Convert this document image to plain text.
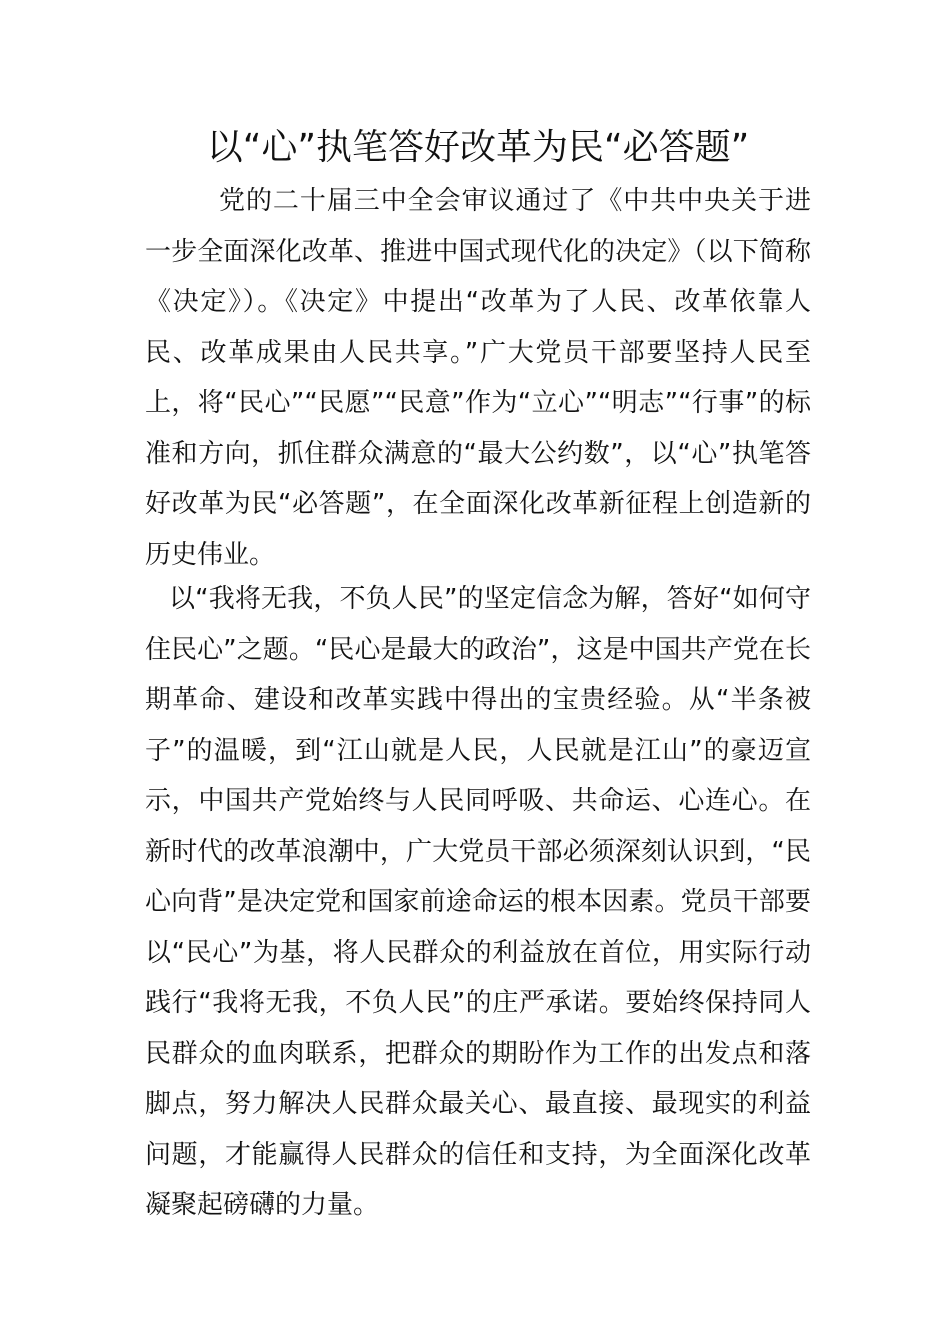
以“心”执笔答好改革为民“必答题”

党的二十届三中全会审议通过了《中共中央关于进一步全面深化改革、推进中国式现代化的决定》（以下简称《决定》）。《决定》中提出“改革为了人民、改革依靠人民、改革成果由人民共享。”广大党员干部要坚持人民至上，将“民心”“民愿”“民意”作为“立心”“明志”“行事”的标准和方向，抓住群众满意的“最大公约数”，以“心”执笔答好改革为民“必答题”，在全面深化改革新征程上创造新的历史伟业。

以“我将无我，不负人民”的坚定信念为解，答好“如何守住民心”之题。“民心是最大的政治”，这是中国共产党在长期革命、建设和改革实践中得出的宝贵经验。从“半条被子”的温暖，到“江山就是人民，人民就是江山”的豪迈宣示，中国共产党始终与人民同呼吸、共命运、心连心。在新时代的改革浪潮中，广大党员干部必须深刻认识到，“民心向背”是决定党和国家前途命运的根本因素。党员干部要以“民心”为基，将人民群众的利益放在首位，用实际行动践行“我将无我，不负人民”的庄严承诺。要始终保持同人民群众的血肉联系，把群众的期盼作为工作的出发点和落脚点，努力解决人民群众最关心、最直接、最现实的利益问题，才能赢得人民群众的信任和支持，为全面深化改革凝聚起磅礴的力量。
